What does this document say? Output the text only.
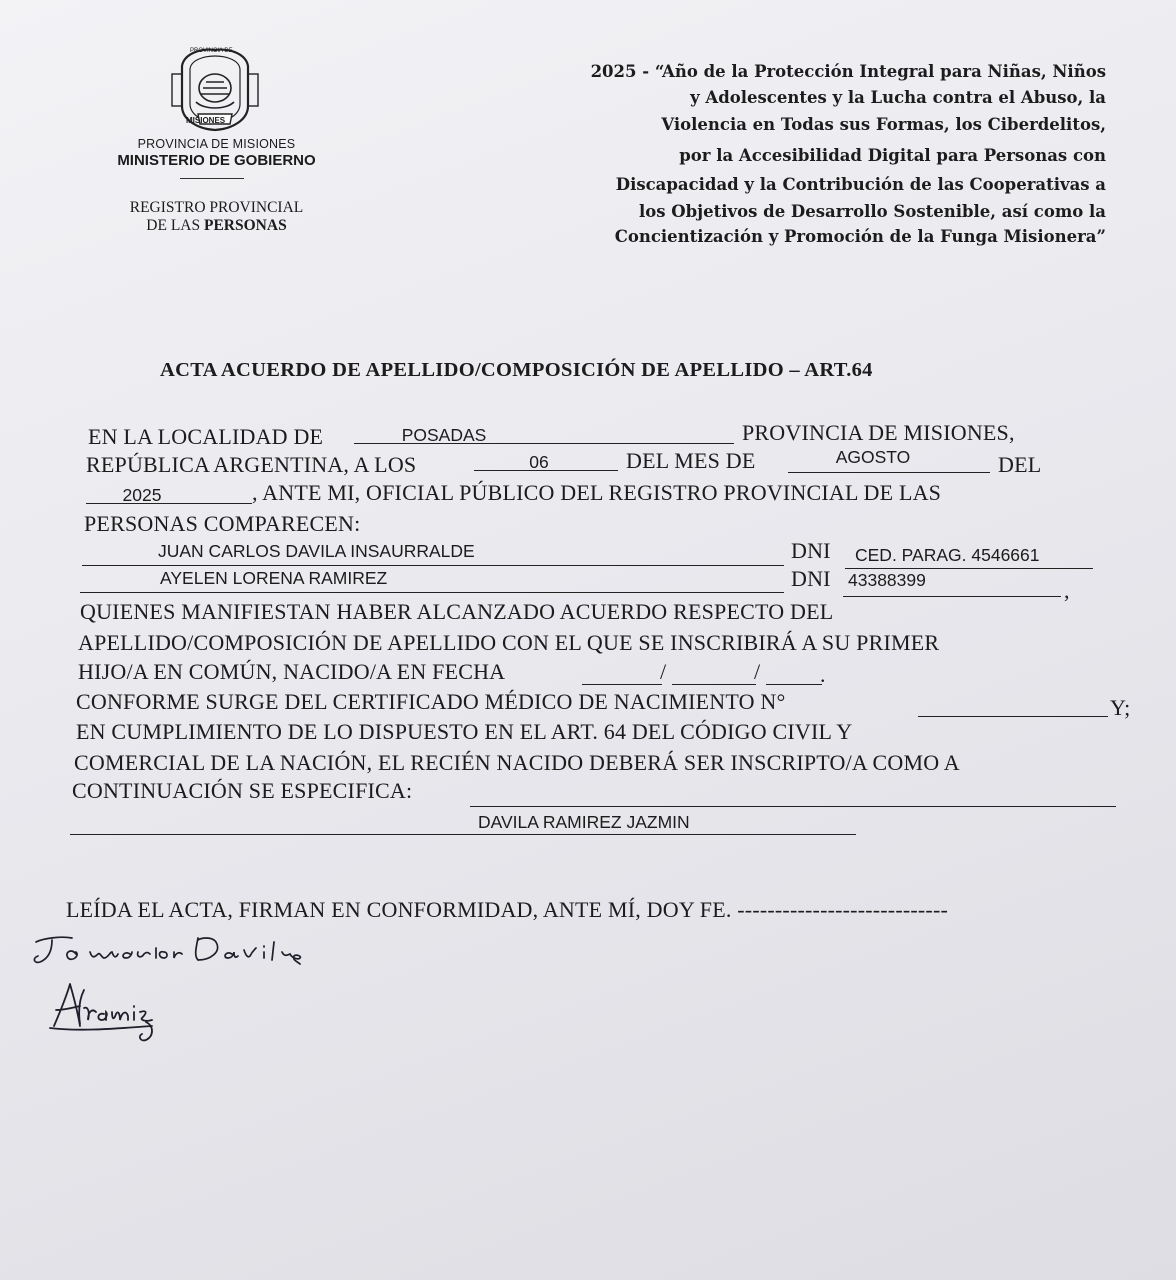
PROVINCIA DE
MISIONES
PROVINCIA DE MISIONES
MINISTERIO DE GOBIERNO
REGISTRO PROVINCIAL
DE LAS PERSONAS
2025 - “Año de la Protección Integral para Niñas, Niños
y Adolescentes y la Lucha contra el Abuso, la
Violencia en Todas sus Formas, los Ciberdelitos,
por la Accesibilidad Digital para Personas con
Discapacidad y la Contribución de las Cooperativas a
los Objetivos de Desarrollo Sostenible, así como la
Concientización y Promoción de la Funga Misionera”
ACTA ACUERDO DE APELLIDO/COMPOSICIÓN DE APELLIDO – ART.64
EN LA LOCALIDAD DE	POSADAS	PROVINCIA DE MISIONES,
REPÚBLICA ARGENTINA, A LOS	06	DEL MES DE	AGOSTO	DEL
2025	, ANTE MI, OFICIAL PÚBLICO DEL REGISTRO PROVINCIAL DE LAS
PERSONAS COMPARECEN:
JUAN CARLOS DAVILA INSAURRALDE	DNI CED. PARAG. 4546661
AYELEN LORENA RAMIREZ	DNI 43388399	,
QUIENES MANIFIESTAN HABER ALCANZADO ACUERDO RESPECTO DEL
APELLIDO/COMPOSICIÓN DE APELLIDO CON EL QUE SE INSCRIBIRÁ A SU PRIMER
HIJO/A EN COMÚN, NACIDO/A EN FECHA	/	/	.
CONFORME SURGE DEL CERTIFICADO MÉDICO DE NACIMIENTO N°	Y;
EN CUMPLIMIENTO DE LO DISPUESTO EN EL ART. 64 DEL CÓDIGO CIVIL Y
COMERCIAL DE LA NACIÓN, EL RECIÉN NACIDO DEBERÁ SER INSCRIPTO/A COMO A
CONTINUACIÓN SE ESPECIFICA:
DAVILA RAMIREZ JAZMIN
LEÍDA EL ACTA, FIRMAN EN CONFORMIDAD, ANTE MÍ, DOY FE. ----------------------------
